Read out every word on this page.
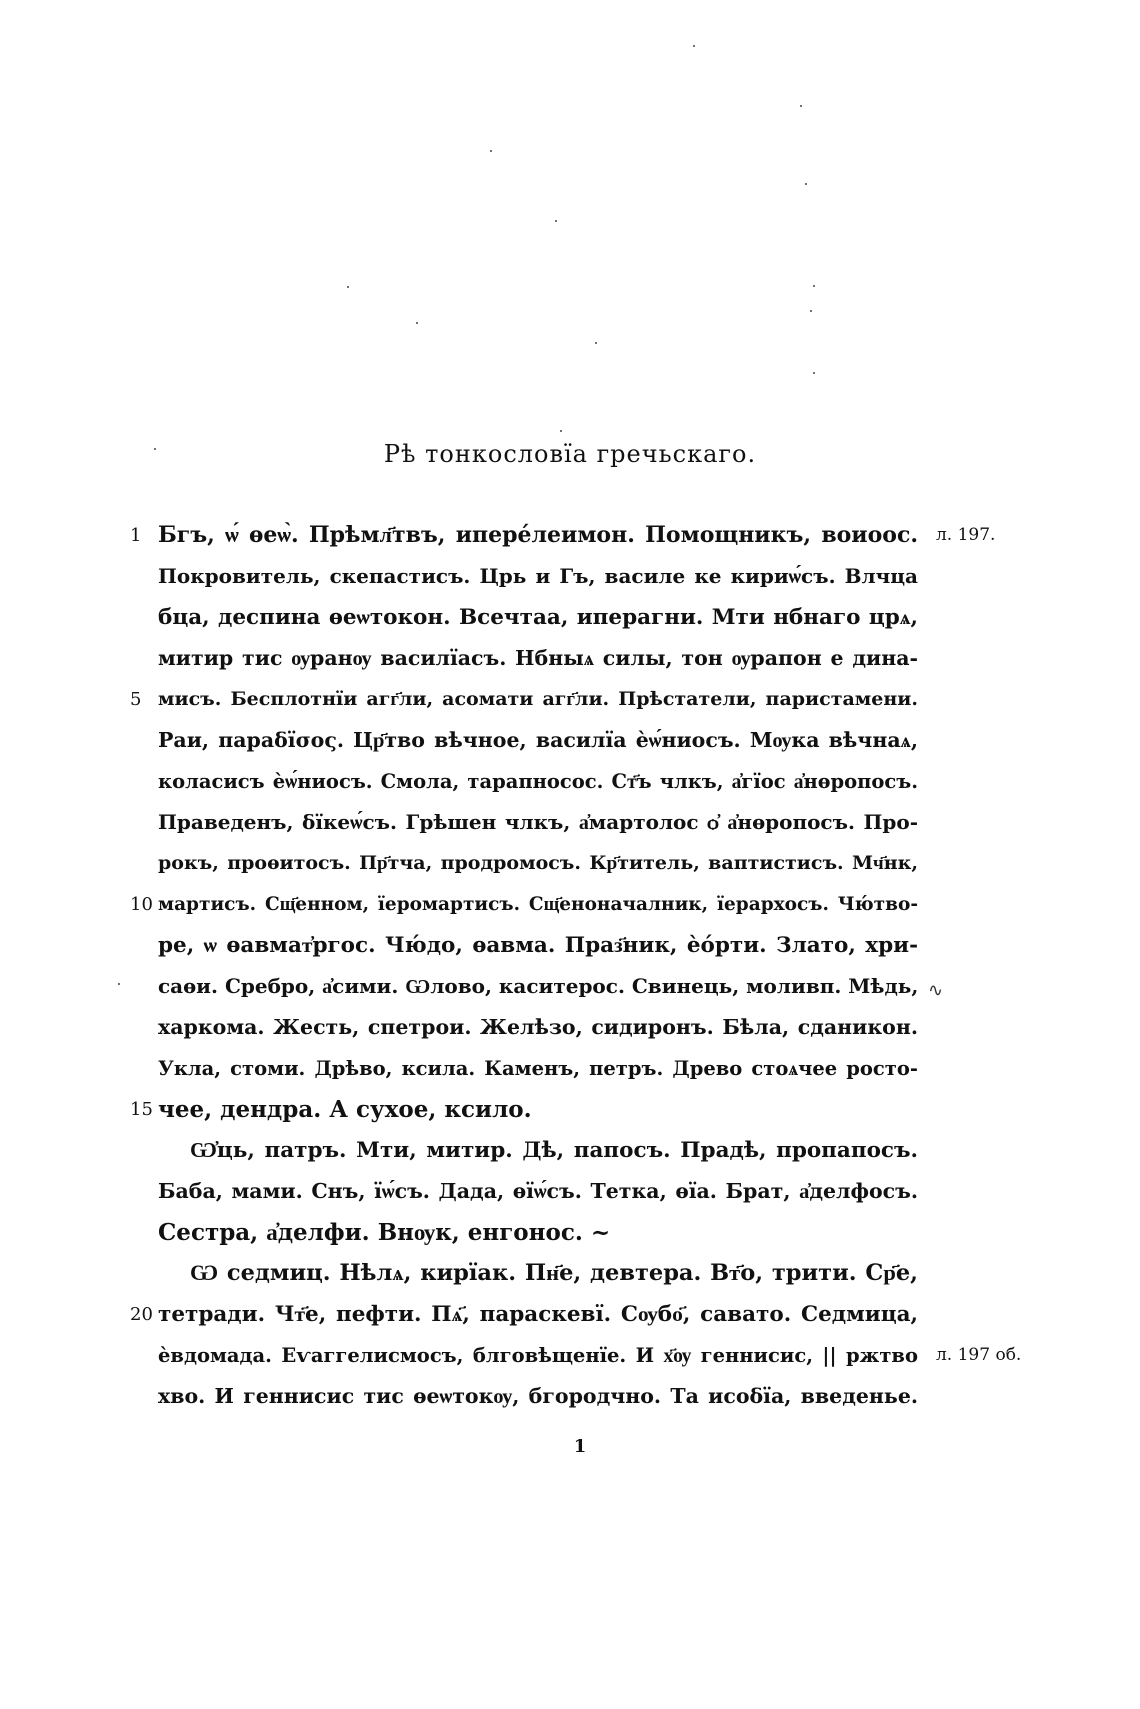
Рѣ тонкословїа гречьскаго.
1
5
10
15
20
л. 197.
л. 197 об.
Бгъ, ѡ́ ѳеѡ̀. Прѣмл҃твъ, ипере́леимон. Помощникъ, воиоос.
Покровитель, скепастисъ. Црь и Гъ, василе ке кириѡ́съ. Влчца
бца, деспина ѳеѡтокон. Всечтаа, иперагни. Мти нбнаго црѧ,
митир тис ѹранѹ василїасъ. Нбныѧ силы, тон ѹрапон е дина-
мисъ. Бесплотнїи агг҃ли, асомати агг҃ли. Прѣстатели, паристамени.
Раи, параδїσος. Цр҃тво вѣчное, василїа ѐѡ́ниосъ. Мѹка вѣчнаѧ,
коласисъ ѐѡ́ниосъ. Смола, тарапносос. Ст҃ъ члкъ, а҆гїос а҆нѳропосъ.
Праведенъ, δїкеѡ́съ. Грѣшен члкъ, а҆мартолос ѻ҆ а҆нѳропосъ. Про-
рокъ, проѳитосъ. Пр҃тча, продромосъ. Кр҃титель, ваптистисъ. Мч҃нк,
мартисъ. Сщ҃енном, їеромартисъ. Сщ҃еноначалник, їерархосъ. Чю́тво-
ре, ѡ ѳавмат҆ргос. Чю́до, ѳавма. Праз҃ник, ѐо́рти. Злато, хри-
саѳи. Сребро, а҆сими. Ѡлово, каситерос. Свинець, моливп. Мѣдь,
харкома. Жесть, спетрои. Желѣзо, сидиронъ. Бѣла, сданикон.
Укла, стоми. Дрѣво, ксила. Каменъ, петръ. Древо стоѧчее росто-
чее, дендра. А сухое, ксило.
Ѡ҆ць, патръ. Мти, митир. Дѣ, папосъ. Прадѣ, пропапосъ.
Баба, мами. Снъ, їѡ́съ. Дада, ѳїѡ́съ. Тетка, ѳїа. Брат, а҆делфосъ.
Сестра, а҆делфи. Внѹк, енгонос. ~
Ѡ седмиц. Нѣлѧ, кирїак. Пн҃е, девтера. Вт҃о, трити. Ср҃е,
тетради. Чт҃е, пефти. Пѧ҃, параскевї. Сѹбо҃, савато. Седмица,
ѐвдомада. Еѵаггелисмосъ, блговѣщенїе. И х҃ѹ геннисис, || ржтво
хво. И геннисис тис ѳеѡтокѹ, бгородчно. Та исоδїа, введенье.
1
∿
